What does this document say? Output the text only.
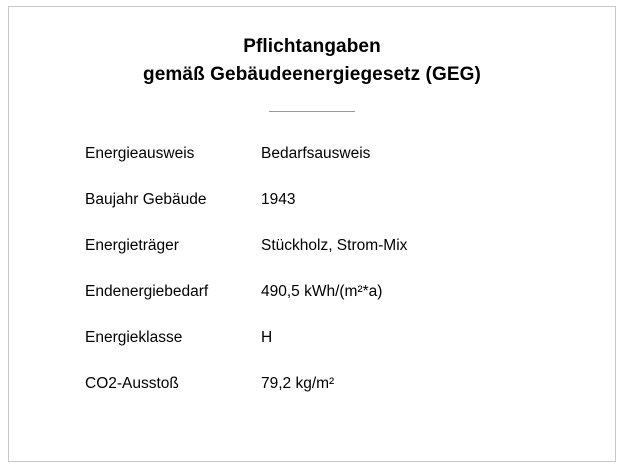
Pflichtangaben
gemäß Gebäudeenergiegesetz (GEG)
Energieausweis	Bedarfsausweis
Baujahr Gebäude	1943
Energieträger	Stückholz, Strom-Mix
Endenergiebedarf	490,5 kWh/(m²*a)
Energieklasse	H
CO2-Ausstoß	79,2 kg/m²
